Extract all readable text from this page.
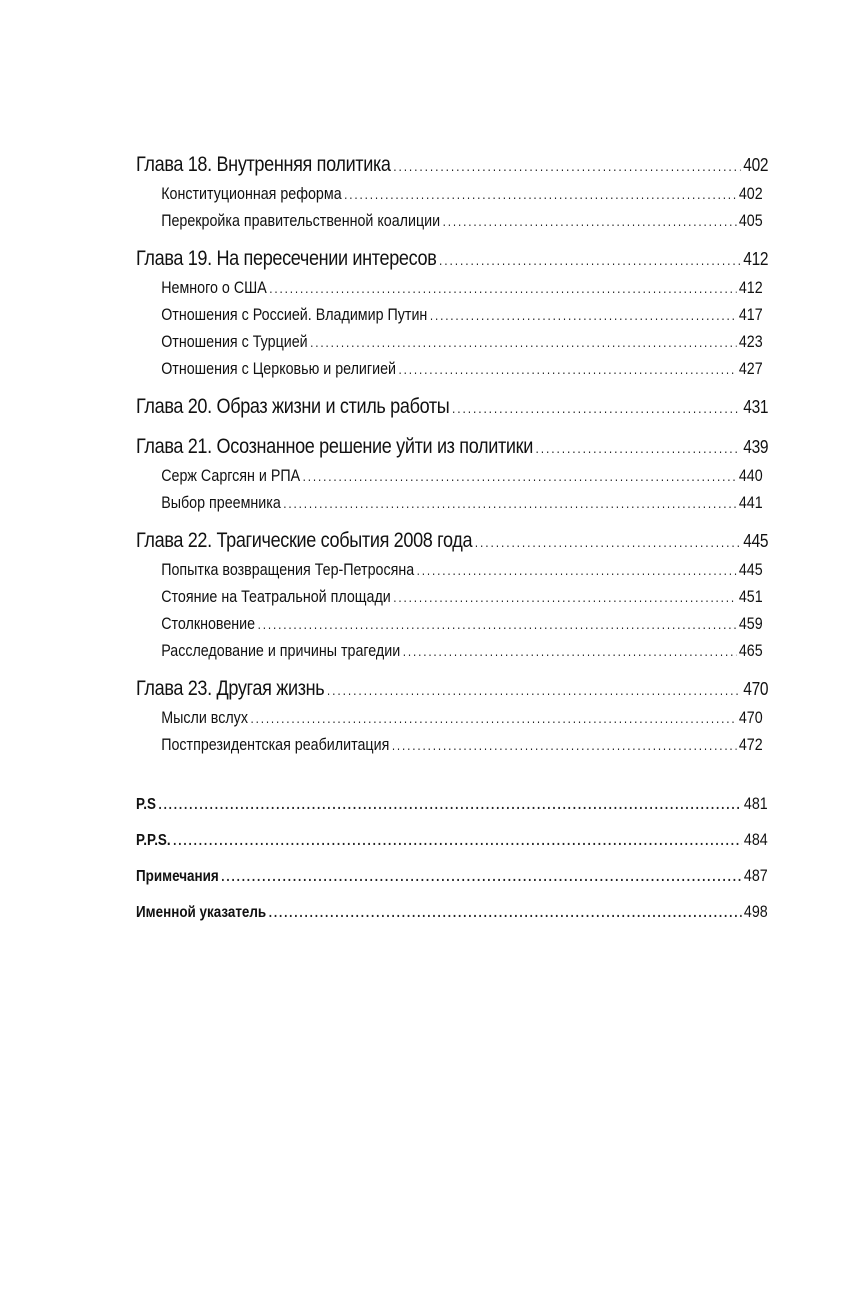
Глава 18. Внутренняя политика .....	402
Конституционная реформа .....	402
Перекройка правительственной коалиции .....	405
Глава 19. На пересечении интересов .....	412
Немного о США .....	412
Отношения с Россией. Владимир Путин .....	417
Отношения с Турцией .....	423
Отношения с Церковью и религией .....	427
Глава 20. Образ жизни и стиль работы .....	431
Глава 21. Осознанное решение уйти из политики .....	439
Серж Саргсян и РПА .....	440
Выбор преемника .....	441
Глава 22. Трагические события 2008 года .....	445
Попытка возвращения Тер-Петросяна .....	445
Стояние на Театральной площади .....	451
Столкновение .....	459
Расследование и причины трагедии .....	465
Глава 23. Другая жизнь .....	470
Мысли вслух .....	470
Постпрезидентская реабилитация .....	472
P.S .....	481
P.P.S. .....	484
Примечания .....	487
Именной указатель .....	498
